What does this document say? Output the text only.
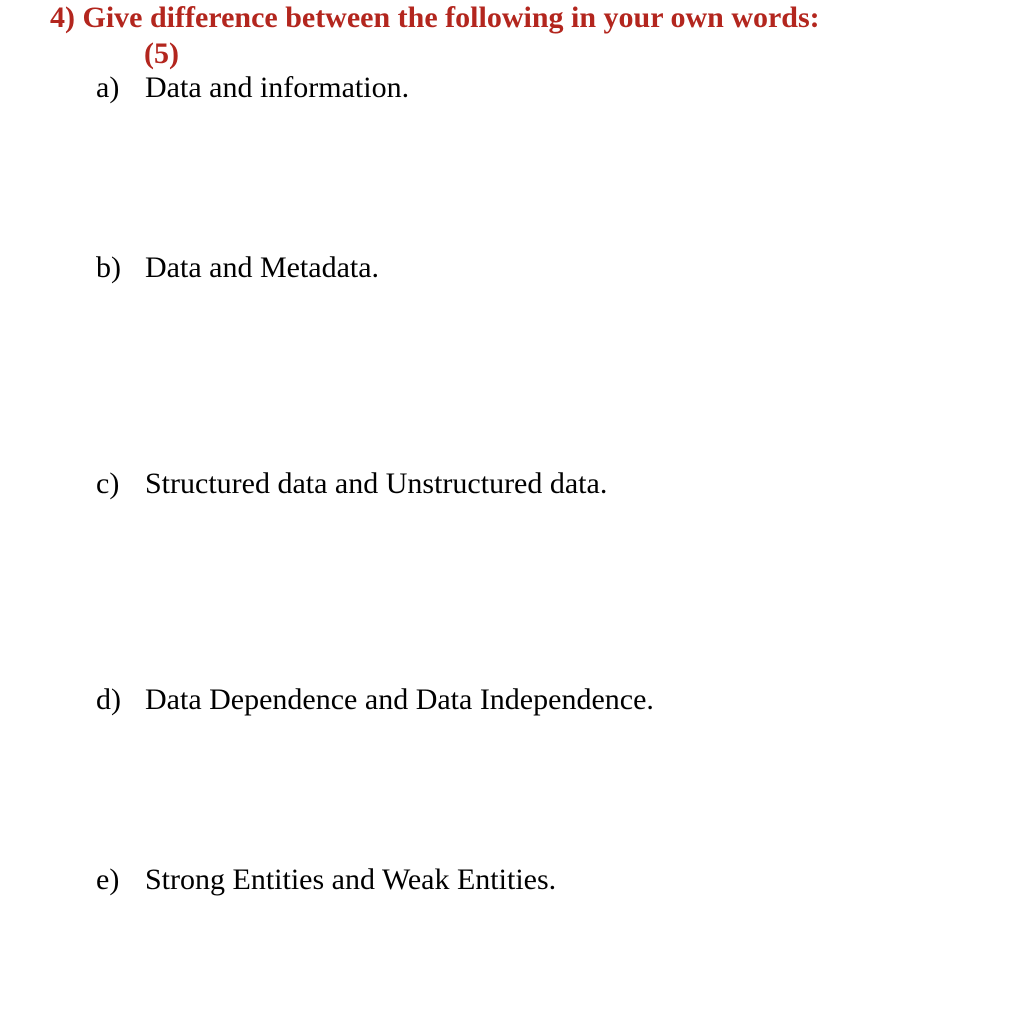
4) Give difference between the following in your own words:
(5)
a) Data and information.
b) Data and Metadata.
c) Structured data and Unstructured data.
d) Data Dependence and Data Independence.
e) Strong Entities and Weak Entities.
